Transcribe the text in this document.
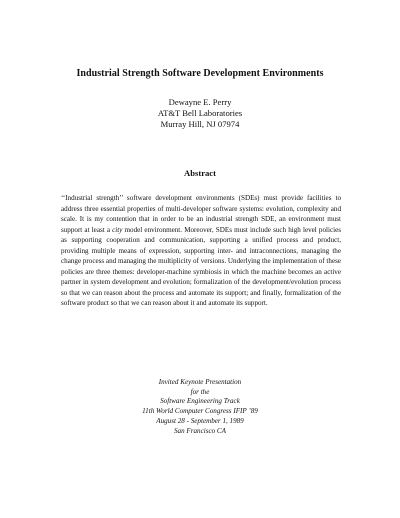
Industrial Strength Software Development Environments
Dewayne E. Perry
AT&T Bell Laboratories
Murray Hill, NJ 07974
Abstract
‘‘Industrial strength’’ software development environments (SDEs) must provide facilities to address three essential properties of multi-developer software systems: evolution, complexity and scale. It is my contention that in order to be an industrial strength SDE, an environment must support at least a city model environment. Moreover, SDEs must include such high level policies as supporting cooperation and communication, supporting a unified process and product, providing multiple means of expression, supporting inter- and intraconnections, managing the change process and managing the multiplicity of versions. Underlying the implementation of these policies are three themes: developer-machine symbiosis in which the machine becomes an active partner in system development and evolution; formalization of the development/evolution process so that we can reason about the process and automate its support; and finally, formalization of the software product so that we can reason about it and automate its support.
Invited Keynote Presentation
for the
Software Engineering Track
11th World Computer Congress IFIP ’89
August 28 - September 1, 1989
San Francisco CA
